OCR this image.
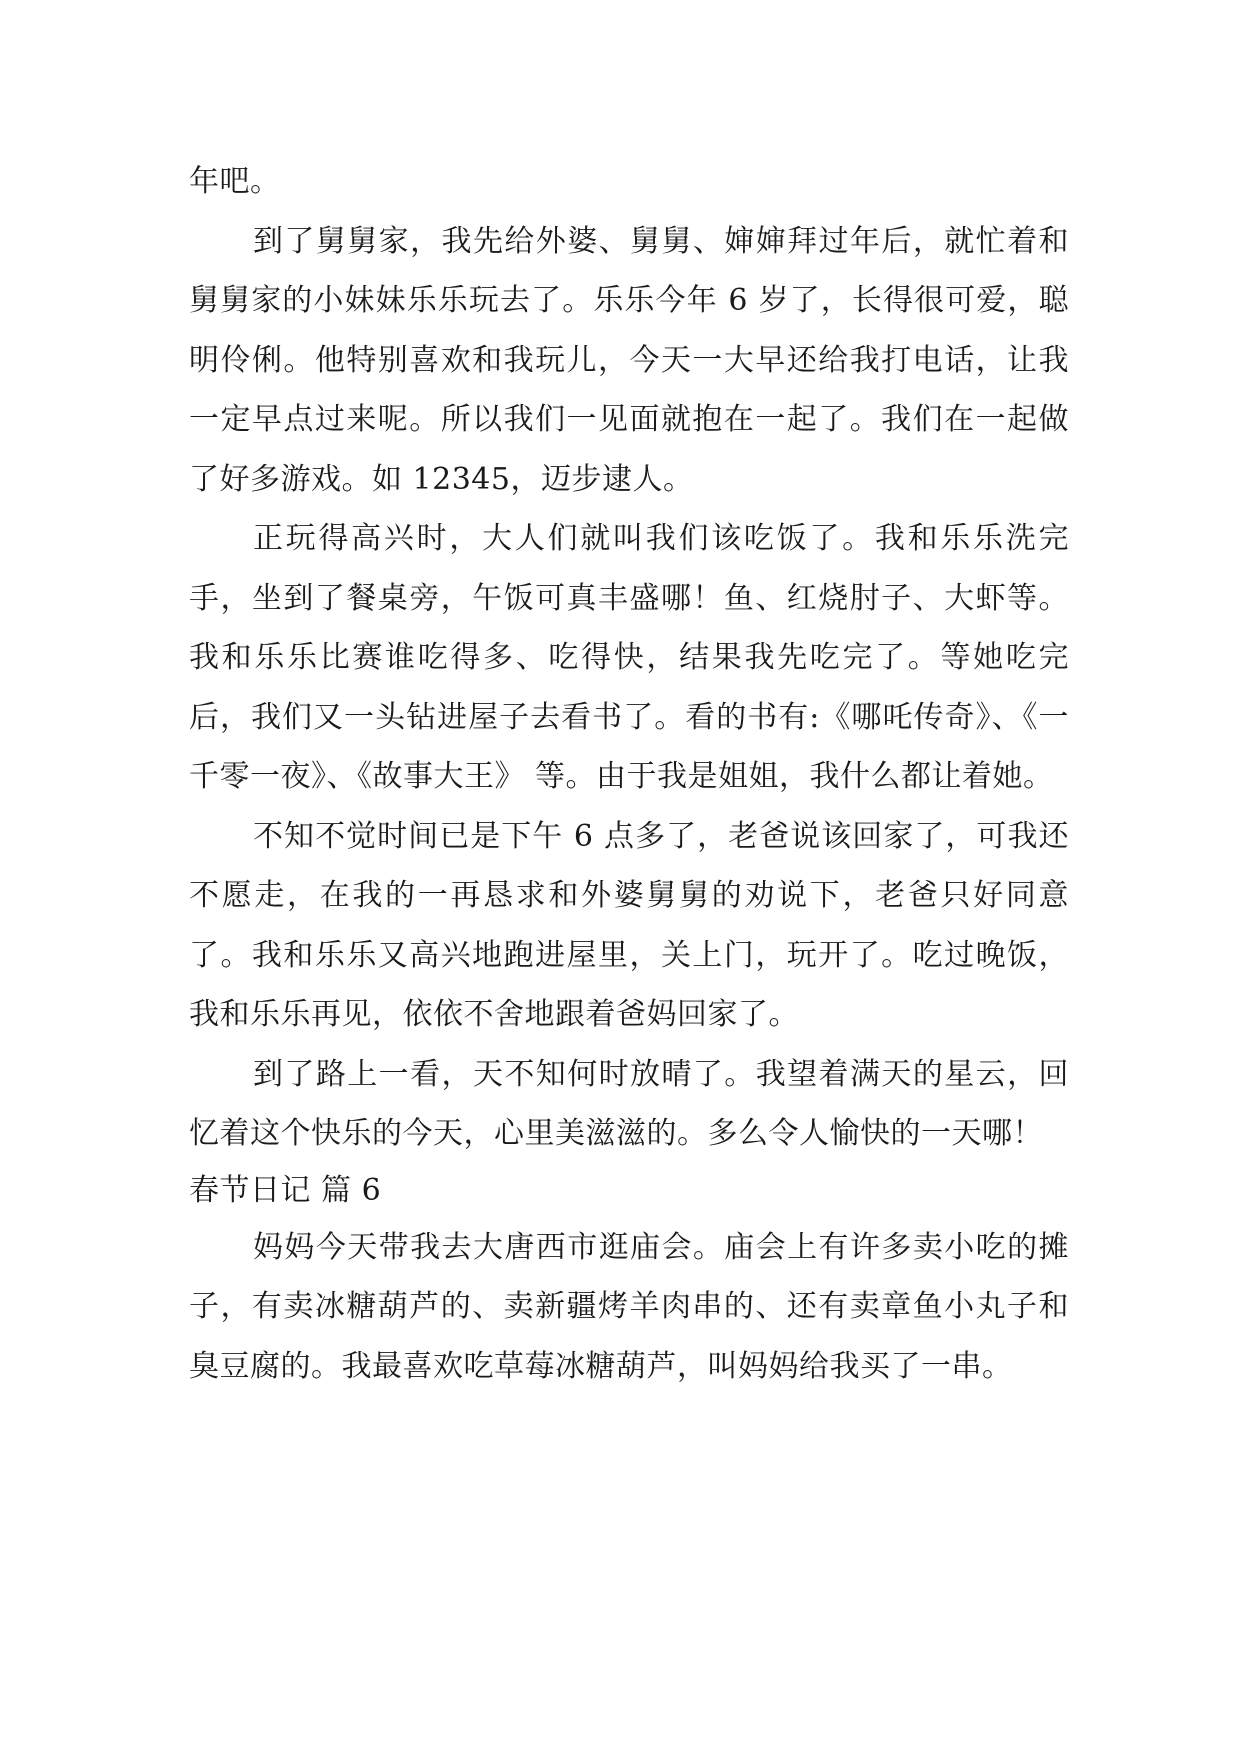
年吧。

到了舅舅家，我先给外婆、舅舅、婶婶拜过年后，就忙着和舅舅家的小妹妹乐乐玩去了。乐乐今年 6 岁了，长得很可爱，聪明伶俐。他特别喜欢和我玩儿，今天一大早还给我打电话，让我一定早点过来呢。所以我们一见面就抱在一起了。我们在一起做了好多游戏。如 12345，迈步逮人。

正玩得高兴时，大人们就叫我们该吃饭了。我和乐乐洗完手，坐到了餐桌旁，午饭可真丰盛哪！鱼、红烧肘子、大虾等。我和乐乐比赛谁吃得多、吃得快，结果我先吃完了。等她吃完后，我们又一头钻进屋子去看书了。看的书有:《哪吒传奇》、《一千零一夜》、《故事大王》 等。由于我是姐姐，我什么都让着她。

不知不觉时间已是下午 6 点多了，老爸说该回家了，可我还不愿走，在我的一再恳求和外婆舅舅的劝说下，老爸只好同意了。我和乐乐又高兴地跑进屋里，关上门，玩开了。吃过晚饭，我和乐乐再见，依依不舍地跟着爸妈回家了。

到了路上一看，天不知何时放晴了。我望着满天的星云，回忆着这个快乐的今天，心里美滋滋的。多么令人愉快的一天哪！

春节日记 篇 6

妈妈今天带我去大唐西市逛庙会。庙会上有许多卖小吃的摊子，有卖冰糖葫芦的、卖新疆烤羊肉串的、还有卖章鱼小丸子和臭豆腐的。我最喜欢吃草莓冰糖葫芦，叫妈妈给我买了一串。
